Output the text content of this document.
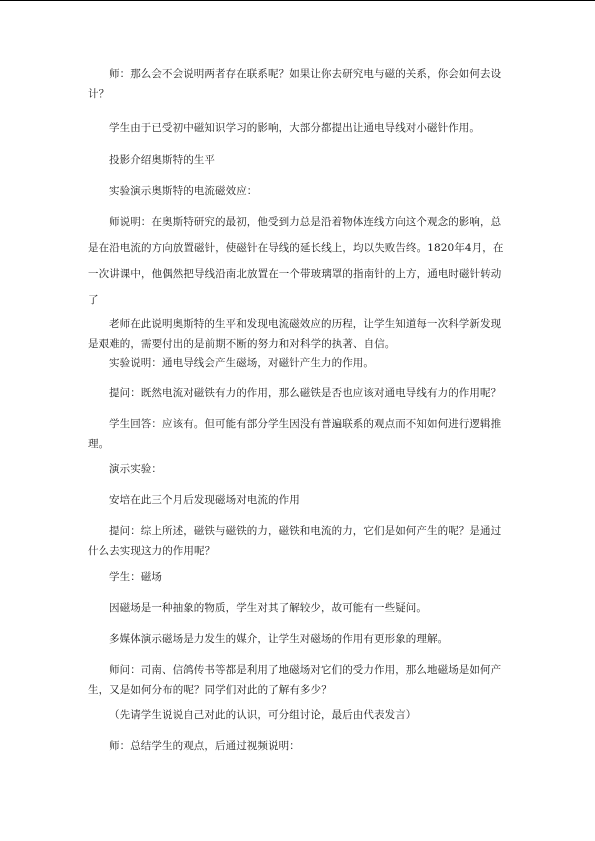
师：那么会不会说明两者存在联系呢？如果让你去研究电与磁的关系，你会如何去设计？

学生由于已受初中磁知识学习的影响，大部分都提出让通电导线对小磁针作用。

投影介绍奥斯特的生平

实验演示奥斯特的电流磁效应：

师说明：在奥斯特研究的最初，他受到力总是沿着物体连线方向这个观念的影响，总是在沿电流的方向放置磁针，使磁针在导线的延长线上，均以失败告终。1820年4月，在一次讲课中，他偶然把导线沿南北放置在一个带玻璃罩的指南针的上方，通电时磁针转动了

老师在此说明奥斯特的生平和发现电流磁效应的历程，让学生知道每一次科学新发现是艰难的，需要付出的是前期不断的努力和对科学的执著、自信。

实验说明：通电导线会产生磁场，对磁针产生力的作用。

提问：既然电流对磁铁有力的作用，那么磁铁是否也应该对通电导线有力的作用呢？

学生回答：应该有。但可能有部分学生因没有普遍联系的观点而不知如何进行逻辑推理。

演示实验：

安培在此三个月后发现磁场对电流的作用

提问：综上所述，磁铁与磁铁的力，磁铁和电流的力，它们是如何产生的呢？是通过什么去实现这力的作用呢？

学生：磁场

因磁场是一种抽象的物质，学生对其了解较少，故可能有一些疑问。

多媒体演示磁场是力发生的媒介，让学生对磁场的作用有更形象的理解。

师问：司南、信鸽传书等都是利用了地磁场对它们的受力作用，那么地磁场是如何产生，又是如何分布的呢？同学们对此的了解有多少？

（先请学生说说自己对此的认识，可分组讨论，最后由代表发言）

师：总结学生的观点，后通过视频说明：
